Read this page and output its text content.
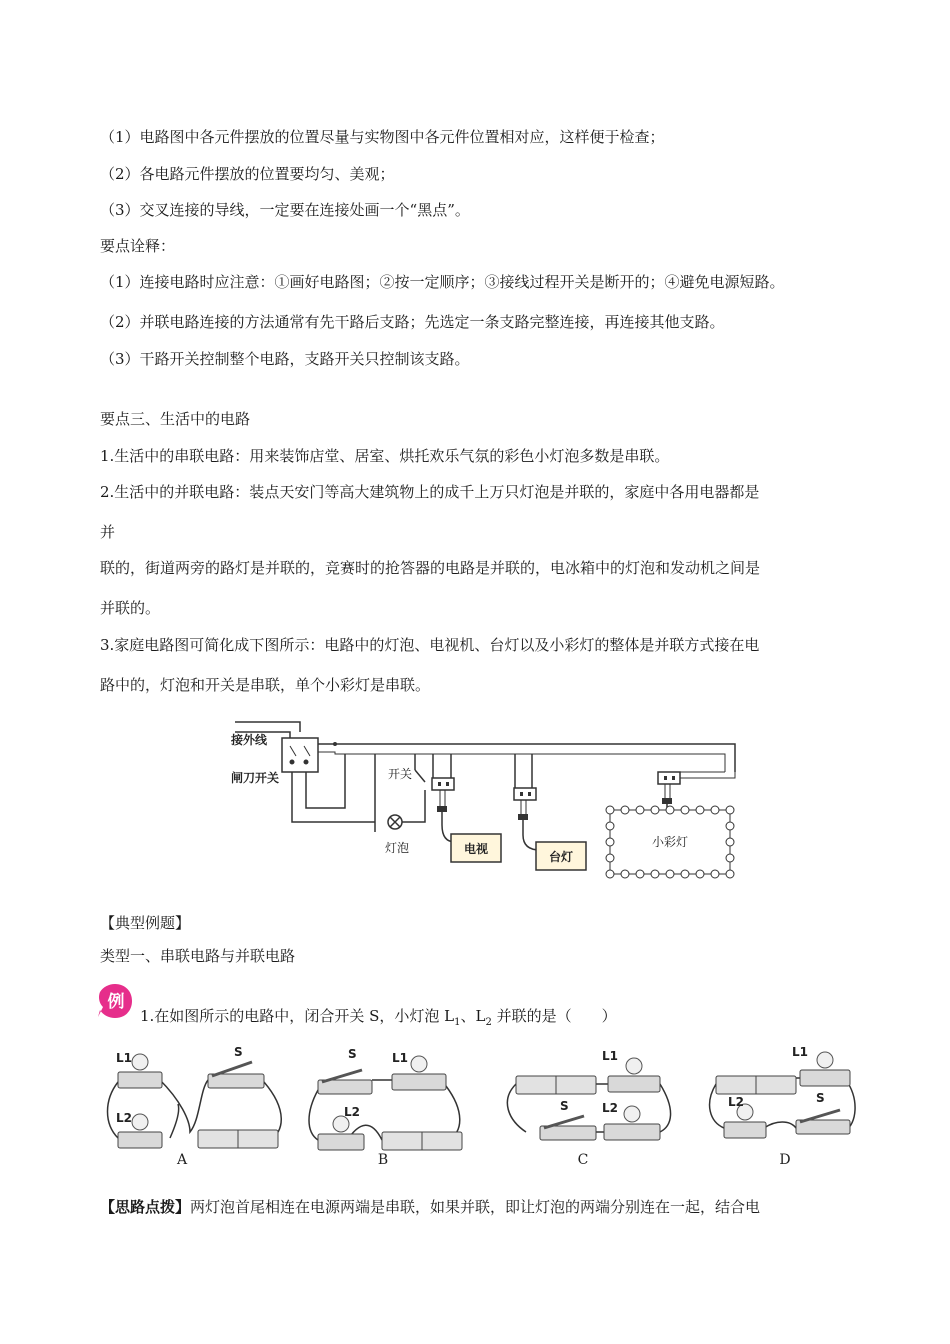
（1）电路图中各元件摆放的位置尽量与实物图中各元件位置相对应，这样便于检查；
（2）各电路元件摆放的位置要均匀、美观；
（3）交叉连接的导线，一定要在连接处画一个“黑点”。
要点诠释：
（1）连接电路时应注意：①画好电路图；②按一定顺序；③接线过程开关是断开的；④避免电源短路。
（2）并联电路连接的方法通常有先干路后支路；先选定一条支路完整连接，再连接其他支路。
（3）干路开关控制整个电路，支路开关只控制该支路。
要点三、生活中的电路
1.生活中的串联电路：用来装饰店堂、居室、烘托欢乐气氛的彩色小灯泡多数是串联。
2.生活中的并联电路：装点天安门等高大建筑物上的成千上万只灯泡是并联的，家庭中各用电器都是
并
联的，街道两旁的路灯是并联的，竞赛时的抢答器的电路是并联的，电冰箱中的灯泡和发动机之间是
并联的。
3.家庭电路图可简化成下图所示：电路中的灯泡、电视机、台灯以及小彩灯的整体是并联方式接在电
路中的，灯泡和开关是串联，单个小彩灯是串联。
电视
台灯
小彩灯
接外线
闸刀开关	开关
灯泡
【典型例题】
类型一、串联电路与并联电路
例
1.在如图所示的电路中，闭合开关 S，小灯泡 $L_1$、$L_2$ 并联的是（　　）
L1
L2
S
A
S	L1
L2
B
L1
S	L2
C
L1
L2	S
D
【思路点拨】两灯泡首尾相连在电源两端是串联，如果并联，即让灯泡的两端分别连在一起，结合电
